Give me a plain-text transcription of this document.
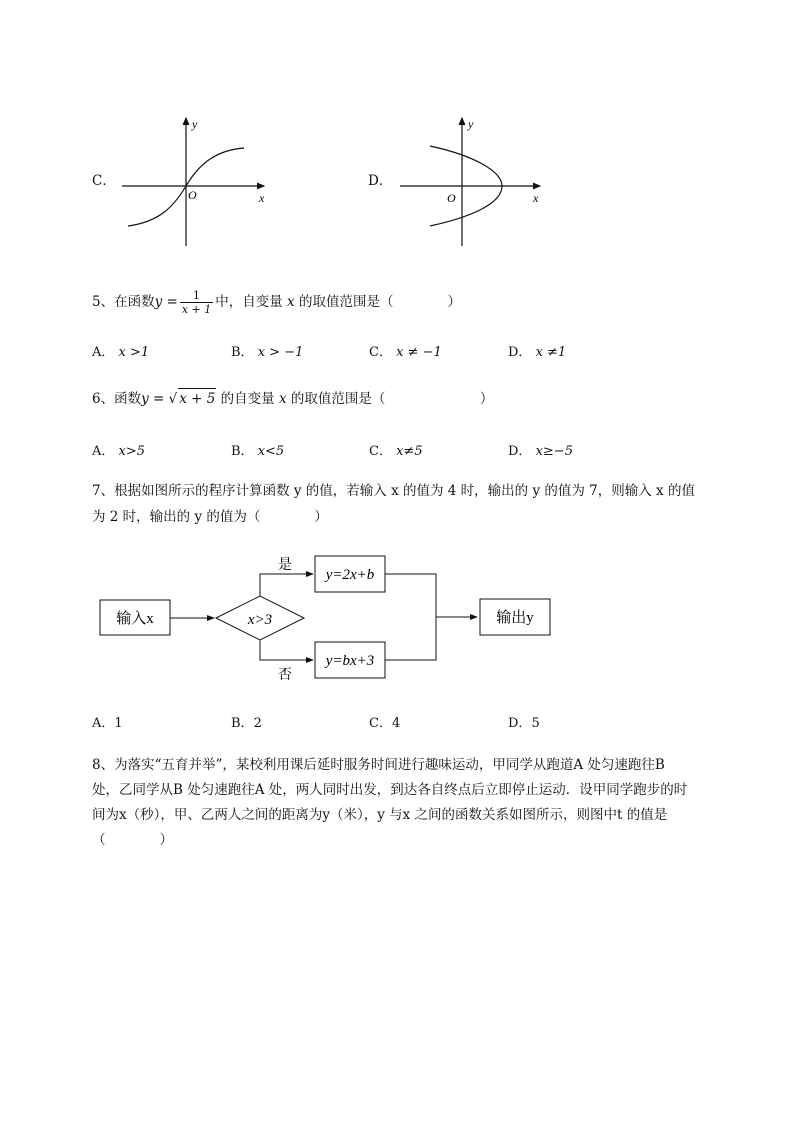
C．
x
y
O
D．
x
y
O
5、在函数$y = \frac{1}{x + 1}$ 中，自变量 x 的取值范围是（　　　　）
A． x >1	B． x > −1	C． x ≠ −1	D． x ≠1
6、函数y = √ x + 5 的自变量 x 的取值范围是（　　　　　　　）
A． x>5	B． x<5	C． x≠5	D． x≥−5
7、根据如图所示的程序计算函数 y 的值，若输入 x 的值为 4 时，输出的 y 的值为 7，则输入 x 的值
为 2 时，输出的 y 的值为（　　　　）
输入x	x>3
是
否
y=2x+b
y=bx+3
输出y
A．1	B．2	C．4	D．5
8、为落实“五育并举”，某校利用课后延时服务时间进行趣味运动，甲同学从跑道A 处匀速跑往B
处，乙同学从B 处匀速跑往A 处，两人同时出发，到达各自终点后立即停止运动．设甲同学跑步的时
间为x（秒），甲、乙两人之间的距离为y（米），y 与x 之间的函数关系如图所示，则图中t 的值是
（　　　　）
